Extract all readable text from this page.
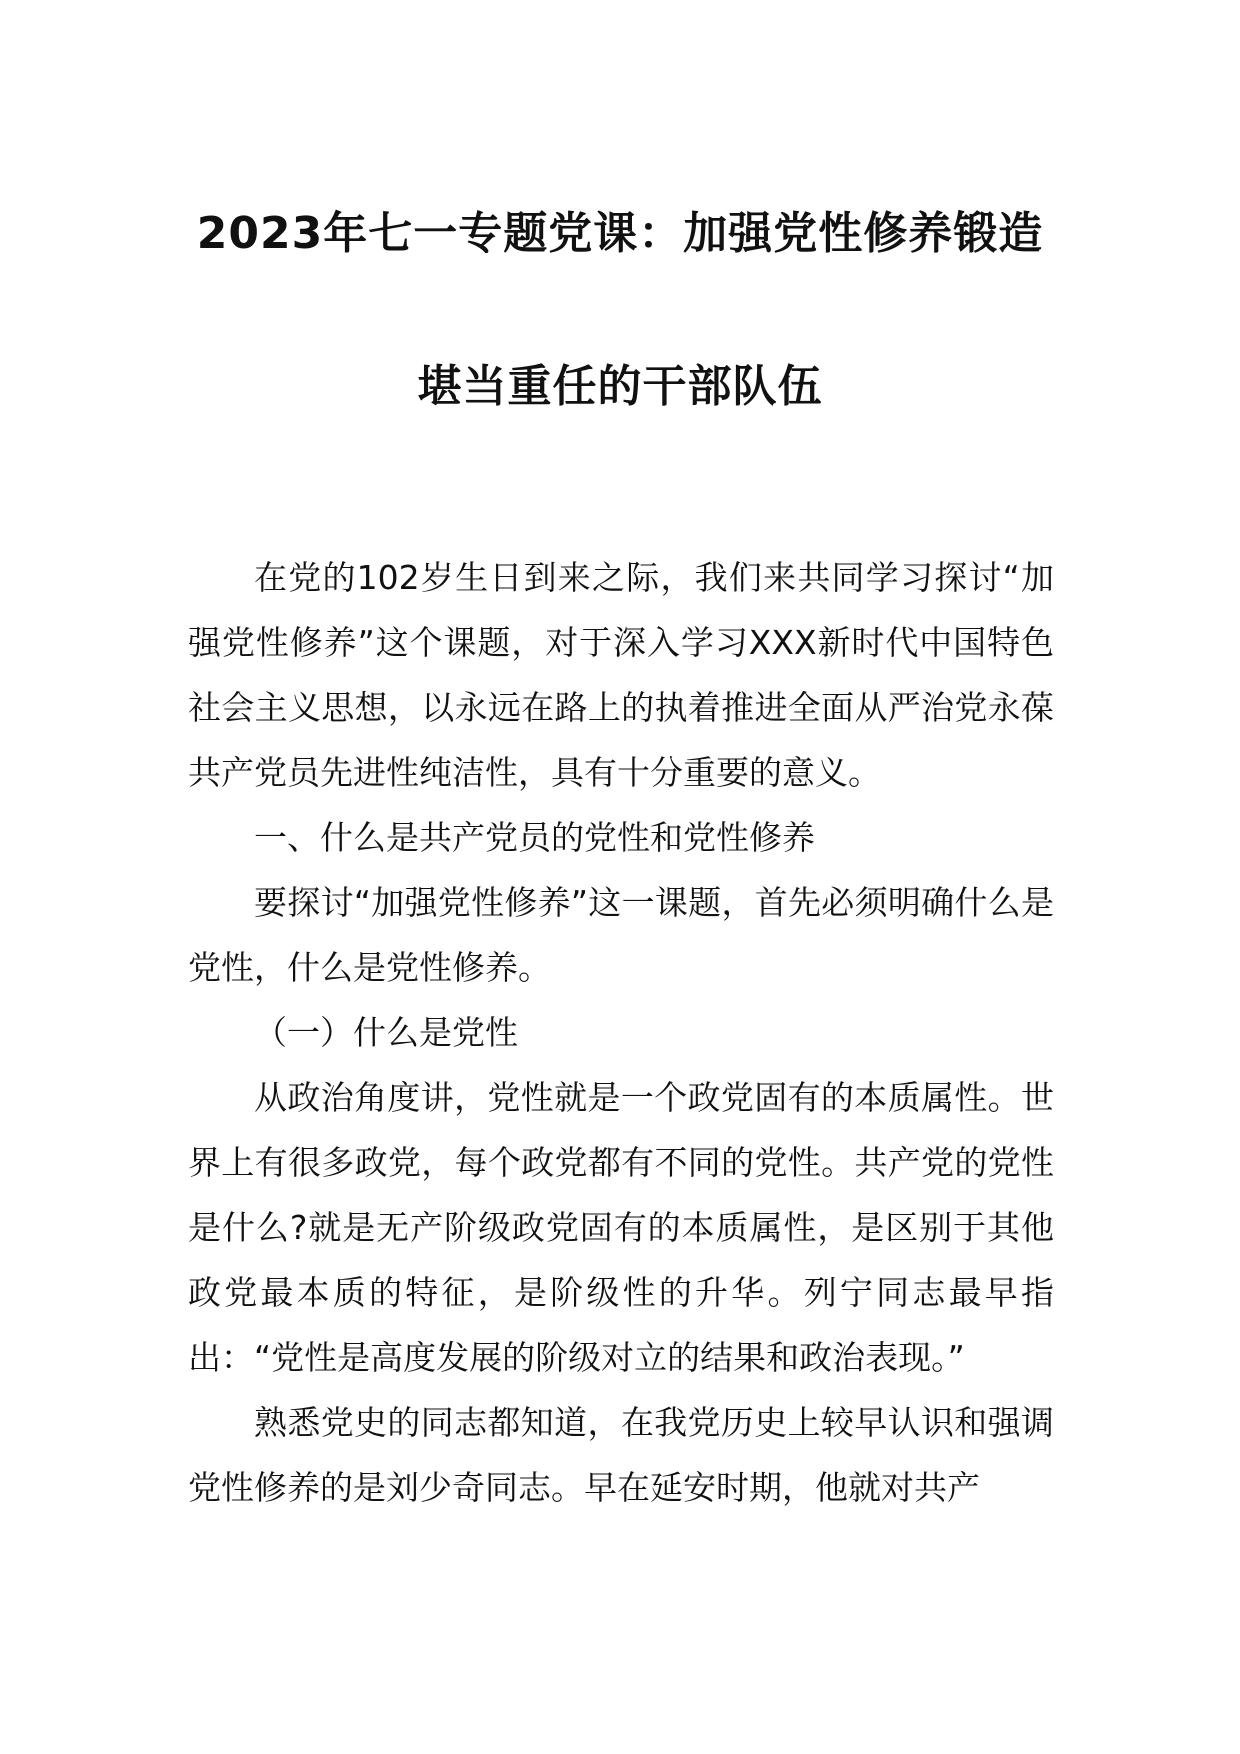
2023年七一专题党课：加强党性修养锻造
堪当重任的干部队伍

在党的102岁生日到来之际，我们来共同学习探讨“加强党性修养”这个课题，对于深入学习XXX新时代中国特色社会主义思想，以永远在路上的执着推进全面从严治党永葆共产党员先进性纯洁性，具有十分重要的意义。

一、什么是共产党员的党性和党性修养

要探讨“加强党性修养”这一课题，首先必须明确什么是党性，什么是党性修养。

（一）什么是党性

从政治角度讲，党性就是一个政党固有的本质属性。世界上有很多政党，每个政党都有不同的党性。共产党的党性是什么?就是无产阶级政党固有的本质属性，是区别于其他政党最本质的特征，是阶级性的升华。列宁同志最早指出：“党性是高度发展的阶级对立的结果和政治表现。”

熟悉党史的同志都知道，在我党历史上较早认识和强调党性修养的是刘少奇同志。早在延安时期，他就对共产
